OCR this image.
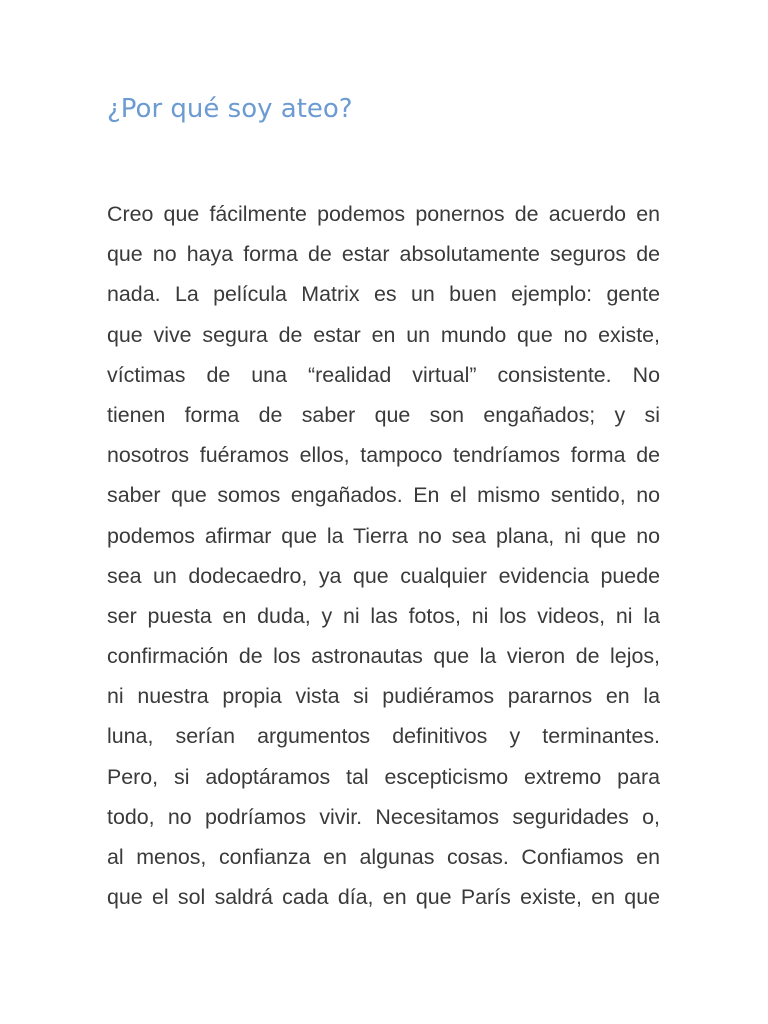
¿Por qué soy ateo?
Creo que fácilmente podemos ponernos de acuerdo en
que no haya forma de estar absolutamente seguros de
nada. La película Matrix es un buen ejemplo: gente
que vive segura de estar en un mundo que no existe,
víctimas de una “realidad virtual” consistente. No
tienen forma de saber que son engañados; y si
nosotros fuéramos ellos, tampoco tendríamos forma de
saber que somos engañados. En el mismo sentido, no
podemos afirmar que la Tierra no sea plana, ni que no
sea un dodecaedro, ya que cualquier evidencia puede
ser puesta en duda, y ni las fotos, ni los videos, ni la
confirmación de los astronautas que la vieron de lejos,
ni nuestra propia vista si pudiéramos pararnos en la
luna, serían argumentos definitivos y terminantes.
Pero, si adoptáramos tal escepticismo extremo para
todo, no podríamos vivir. Necesitamos seguridades o,
al menos, confianza en algunas cosas. Confiamos en
que el sol saldrá cada día, en que París existe, en que
